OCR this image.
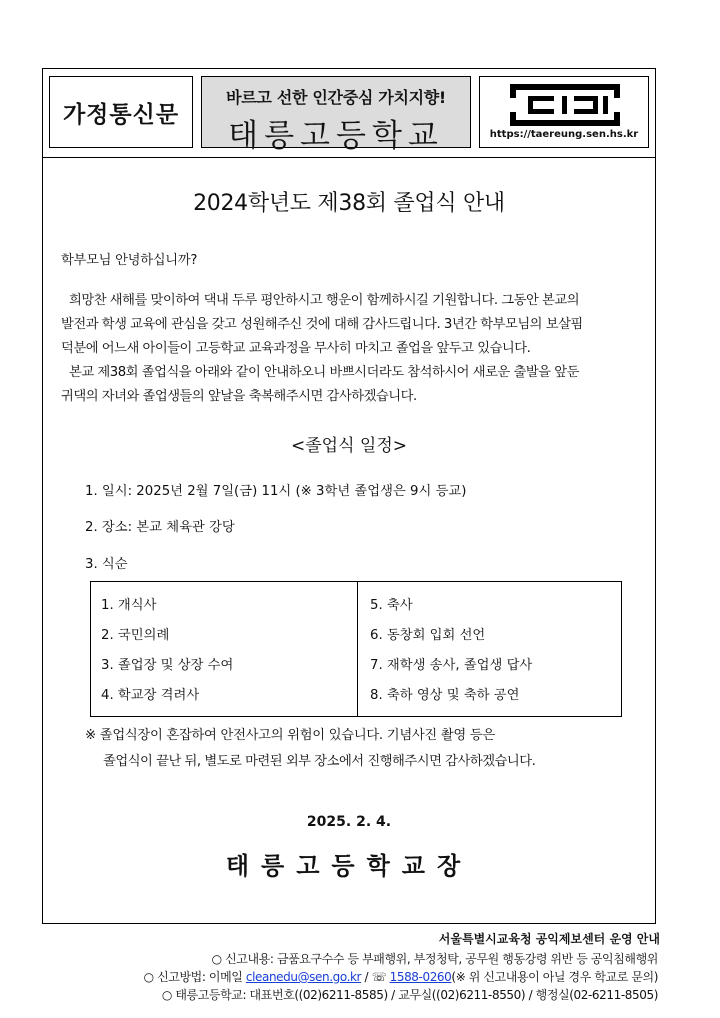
가정통신문
바르고 선한 인간중심 가치지향!
태릉고등학교	https://taereung.sen.hs.kr
2024학년도 제38회 졸업식 안내
학부모님 안녕하십니까?
희망찬 새해를 맞이하여 댁내 두루 평안하시고 행운이 함께하시길 기원합니다. 그동안 본교의
발전과 학생 교육에 관심을 갖고 성원해주신 것에 대해 감사드립니다. 3년간 학부모님의 보살핌
덕분에 어느새 아이들이 고등학교 교육과정을 무사히 마치고 졸업을 앞두고 있습니다.
본교 제38회 졸업식을 아래와 같이 안내하오니 바쁘시더라도 참석하시어 새로운 출발을 앞둔
귀댁의 자녀와 졸업생들의 앞날을 축복해주시면 감사하겠습니다.
<졸업식 일정>
1. 일시: 2025년 2월 7일(금) 11시 (※ 3학년 졸업생은 9시 등교)
2. 장소: 본교 체육관 강당
3. 식순
1. 개식사
2. 국민의례
3. 졸업장 및 상장 수여
4. 학교장 격려사
5. 축사
6. 동창회 입회 선언
7. 재학생 송사, 졸업생 답사
8. 축하 영상 및 축하 공연
※ 졸업식장이 혼잡하여 안전사고의 위험이 있습니다. 기념사진 촬영 등은
졸업식이 끝난 뒤, 별도로 마련된 외부 장소에서 진행해주시면 감사하겠습니다.
2025. 2. 4.
태릉고등학교장
서울특별시교육청 공익제보센터 운영 안내
○ 신고내용: 금품요구수수 등 부패행위, 부정청탁, 공무원 행동강령 위반 등 공익침해행위
○ 신고방법: 이메일 cleanedu@sen.go.kr / ☏ 1588-0260(※ 위 신고내용이 아닐 경우 학교로 문의)
○ 태릉고등학교: 대표번호((02)6211-8585) / 교무실((02)6211-8550) / 행정실(02-6211-8505)
